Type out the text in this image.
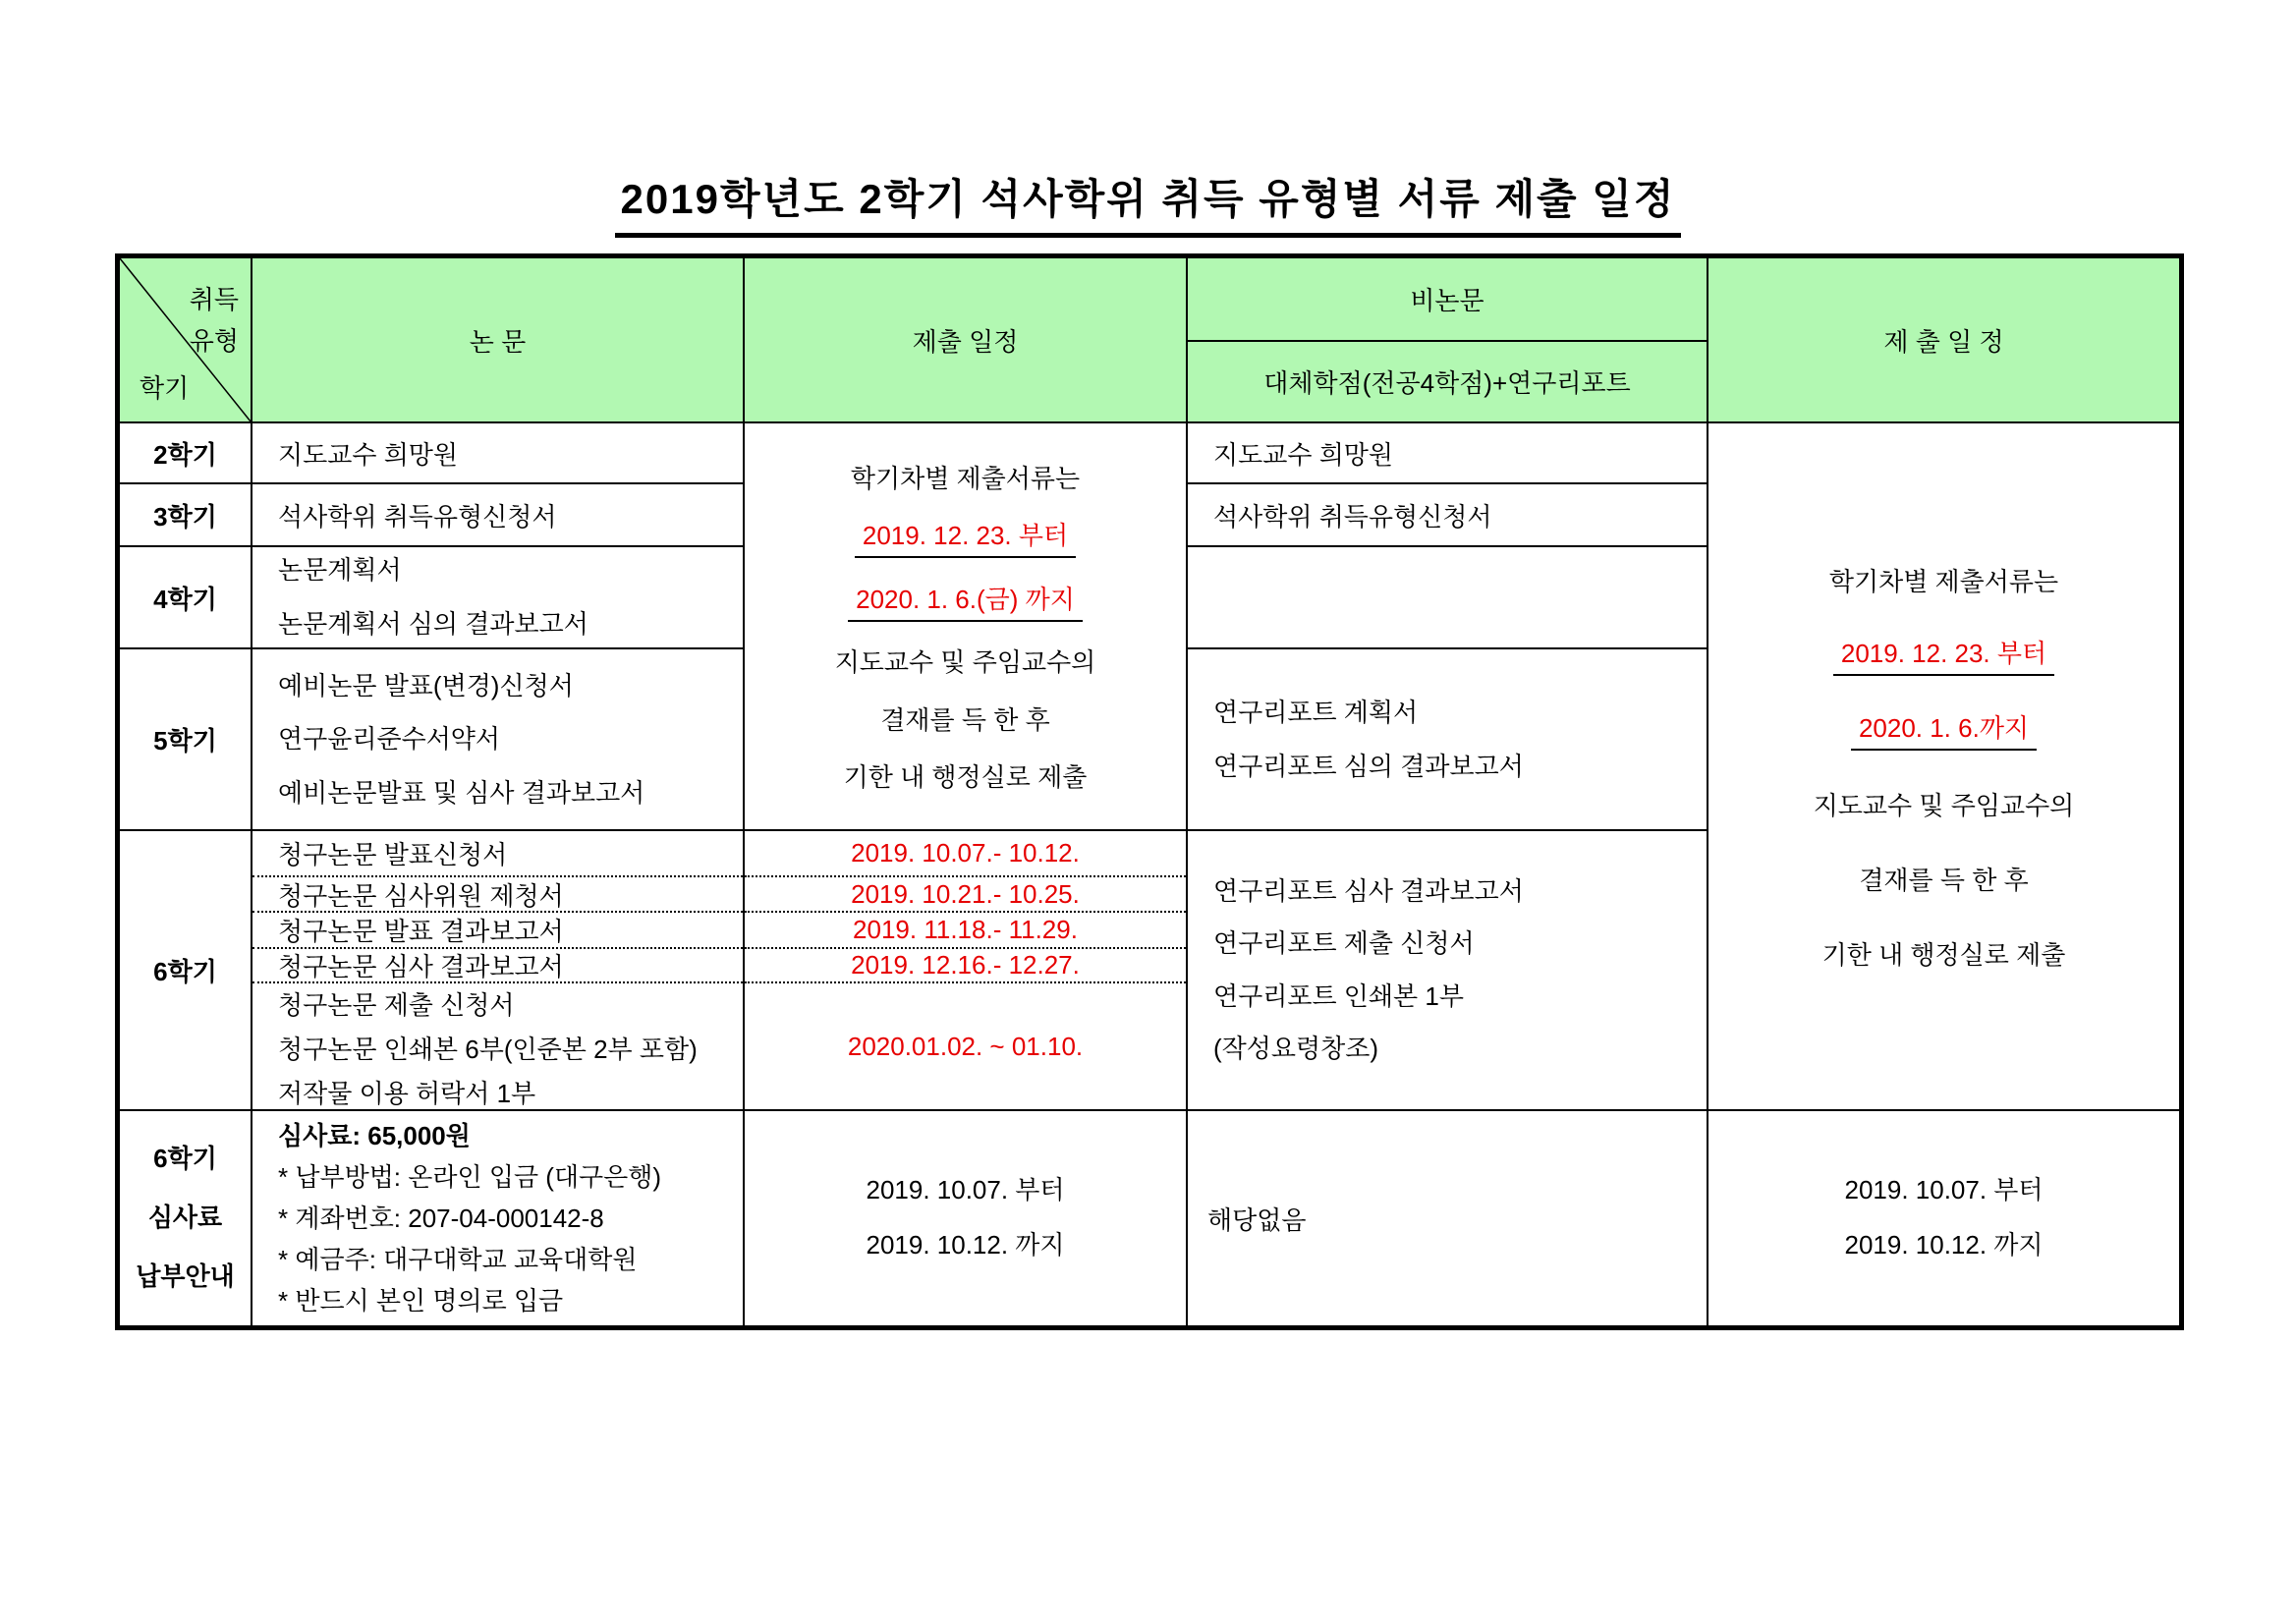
2019학년도 2학기 석사학위 취득 유형별 서류 제출 일정
취득
유형
학기
논 문	제출 일정
비논문
대체학점(전공4학점)+연구리포트
제 출 일 정
2학기
3학기
4학기
5학기
6학기
6학기
심사료
납부안내
지도교수 희망원
석사학위 취득유형신청서
논문계획서
논문계획서 심의 결과보고서
예비논문 발표(변경)신청서
연구윤리준수서약서
예비논문발표 및 심사 결과보고서
청구논문 발표신청서
청구논문 심사위원 제청서
청구논문 발표 결과보고서
청구논문 심사 결과보고서
청구논문 제출 신청서
청구논문 인쇄본 6부(인준본 2부 포함)
저작물 이용 허락서 1부
심사료: 65,000원
* 납부방법: 온라인 입금 (대구은행)
* 계좌번호: 207-04-000142-8
* 예금주: 대구대학교 교육대학원
* 반드시 본인 명의로 입금
학기차별 제출서류는
2019. 12. 23. 부터
2020. 1. 6.(금) 까지
지도교수 및 주임교수의
결재를 득 한 후
기한 내 행정실로 제출
2019. 10.07.- 10.12.
2019. 10.21.- 10.25.
2019. 11.18.- 11.29.
2019. 12.16.- 12.27.
2020.01.02. ~ 01.10.
2019. 10.07. 부터
2019. 10.12. 까지
지도교수 희망원
석사학위 취득유형신청서
연구리포트 계획서
연구리포트 심의 결과보고서
연구리포트 심사 결과보고서
연구리포트 제출 신청서
연구리포트 인쇄본 1부
(작성요령창조)
해당없음
학기차별 제출서류는
2019. 12. 23. 부터
2020. 1. 6.까지
지도교수 및 주임교수의
결재를 득 한 후
기한 내 행정실로 제출
2019. 10.07. 부터
2019. 10.12. 까지
